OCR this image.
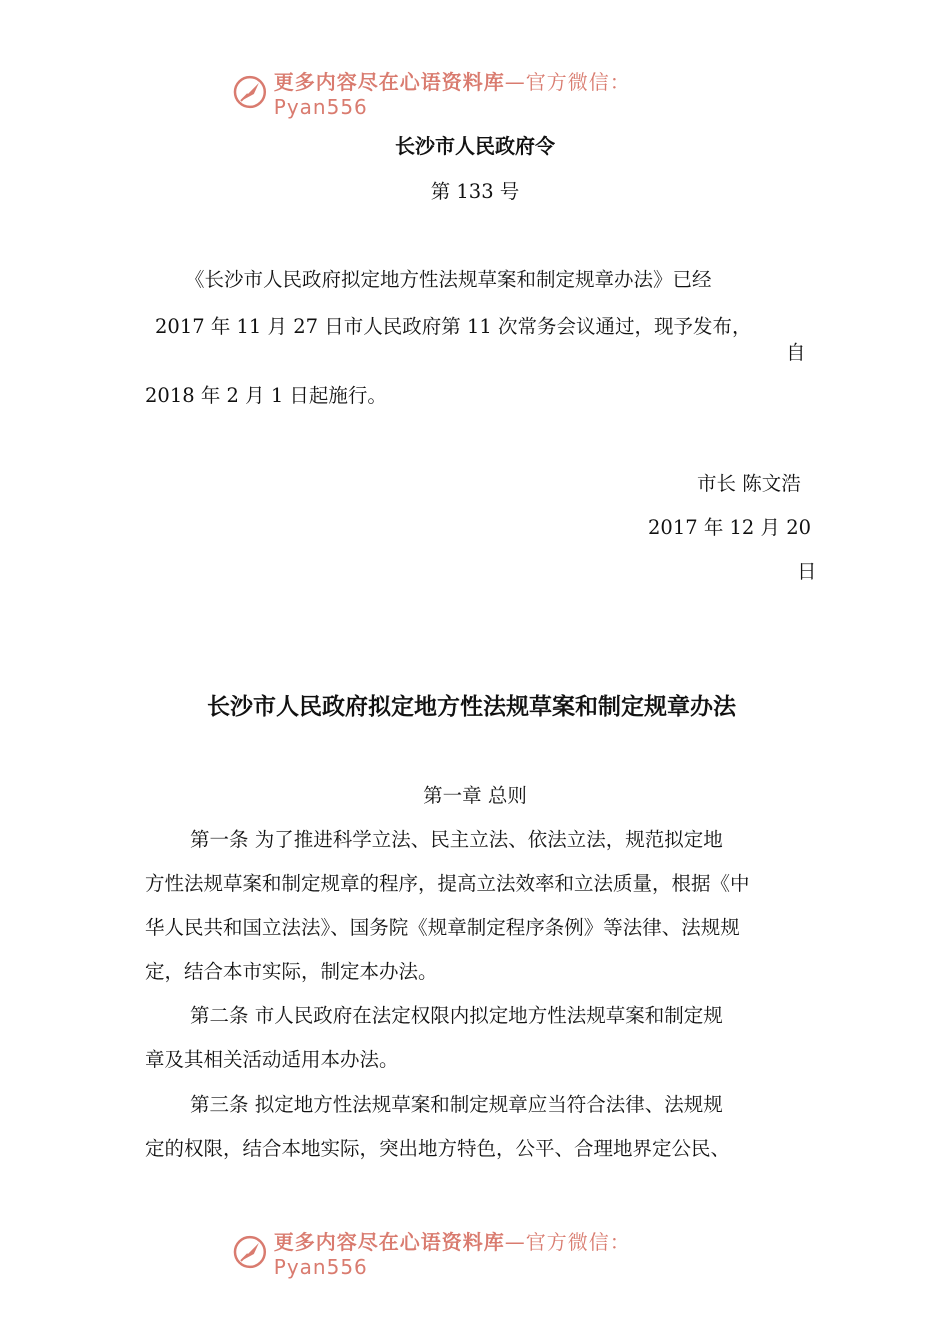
更多内容尽在心语资料库—官方微信：Pyan556
长沙市人民政府令
第 133 号
《长沙市人民政府拟定地方性法规草案和制定规章办法》已经
2017 年 11 月 27 日市人民政府第 11 次常务会议通过，现予发布，
自
2018 年 2 月 1 日起施行。
市长 陈文浩
2017 年 12 月 20
日
长沙市人民政府拟定地方性法规草案和制定规章办法
第一章 总则
第一条 为了推进科学立法、民主立法、依法立法，规范拟定地
方性法规草案和制定规章的程序，提高立法效率和立法质量，根据《中
华人民共和国立法法》、国务院《规章制定程序条例》等法律、法规规
定，结合本市实际，制定本办法。
第二条 市人民政府在法定权限内拟定地方性法规草案和制定规
章及其相关活动适用本办法。
第三条 拟定地方性法规草案和制定规章应当符合法律、法规规
定的权限，结合本地实际，突出地方特色，公平、合理地界定公民、
更多内容尽在心语资料库—官方微信：Pyan556
